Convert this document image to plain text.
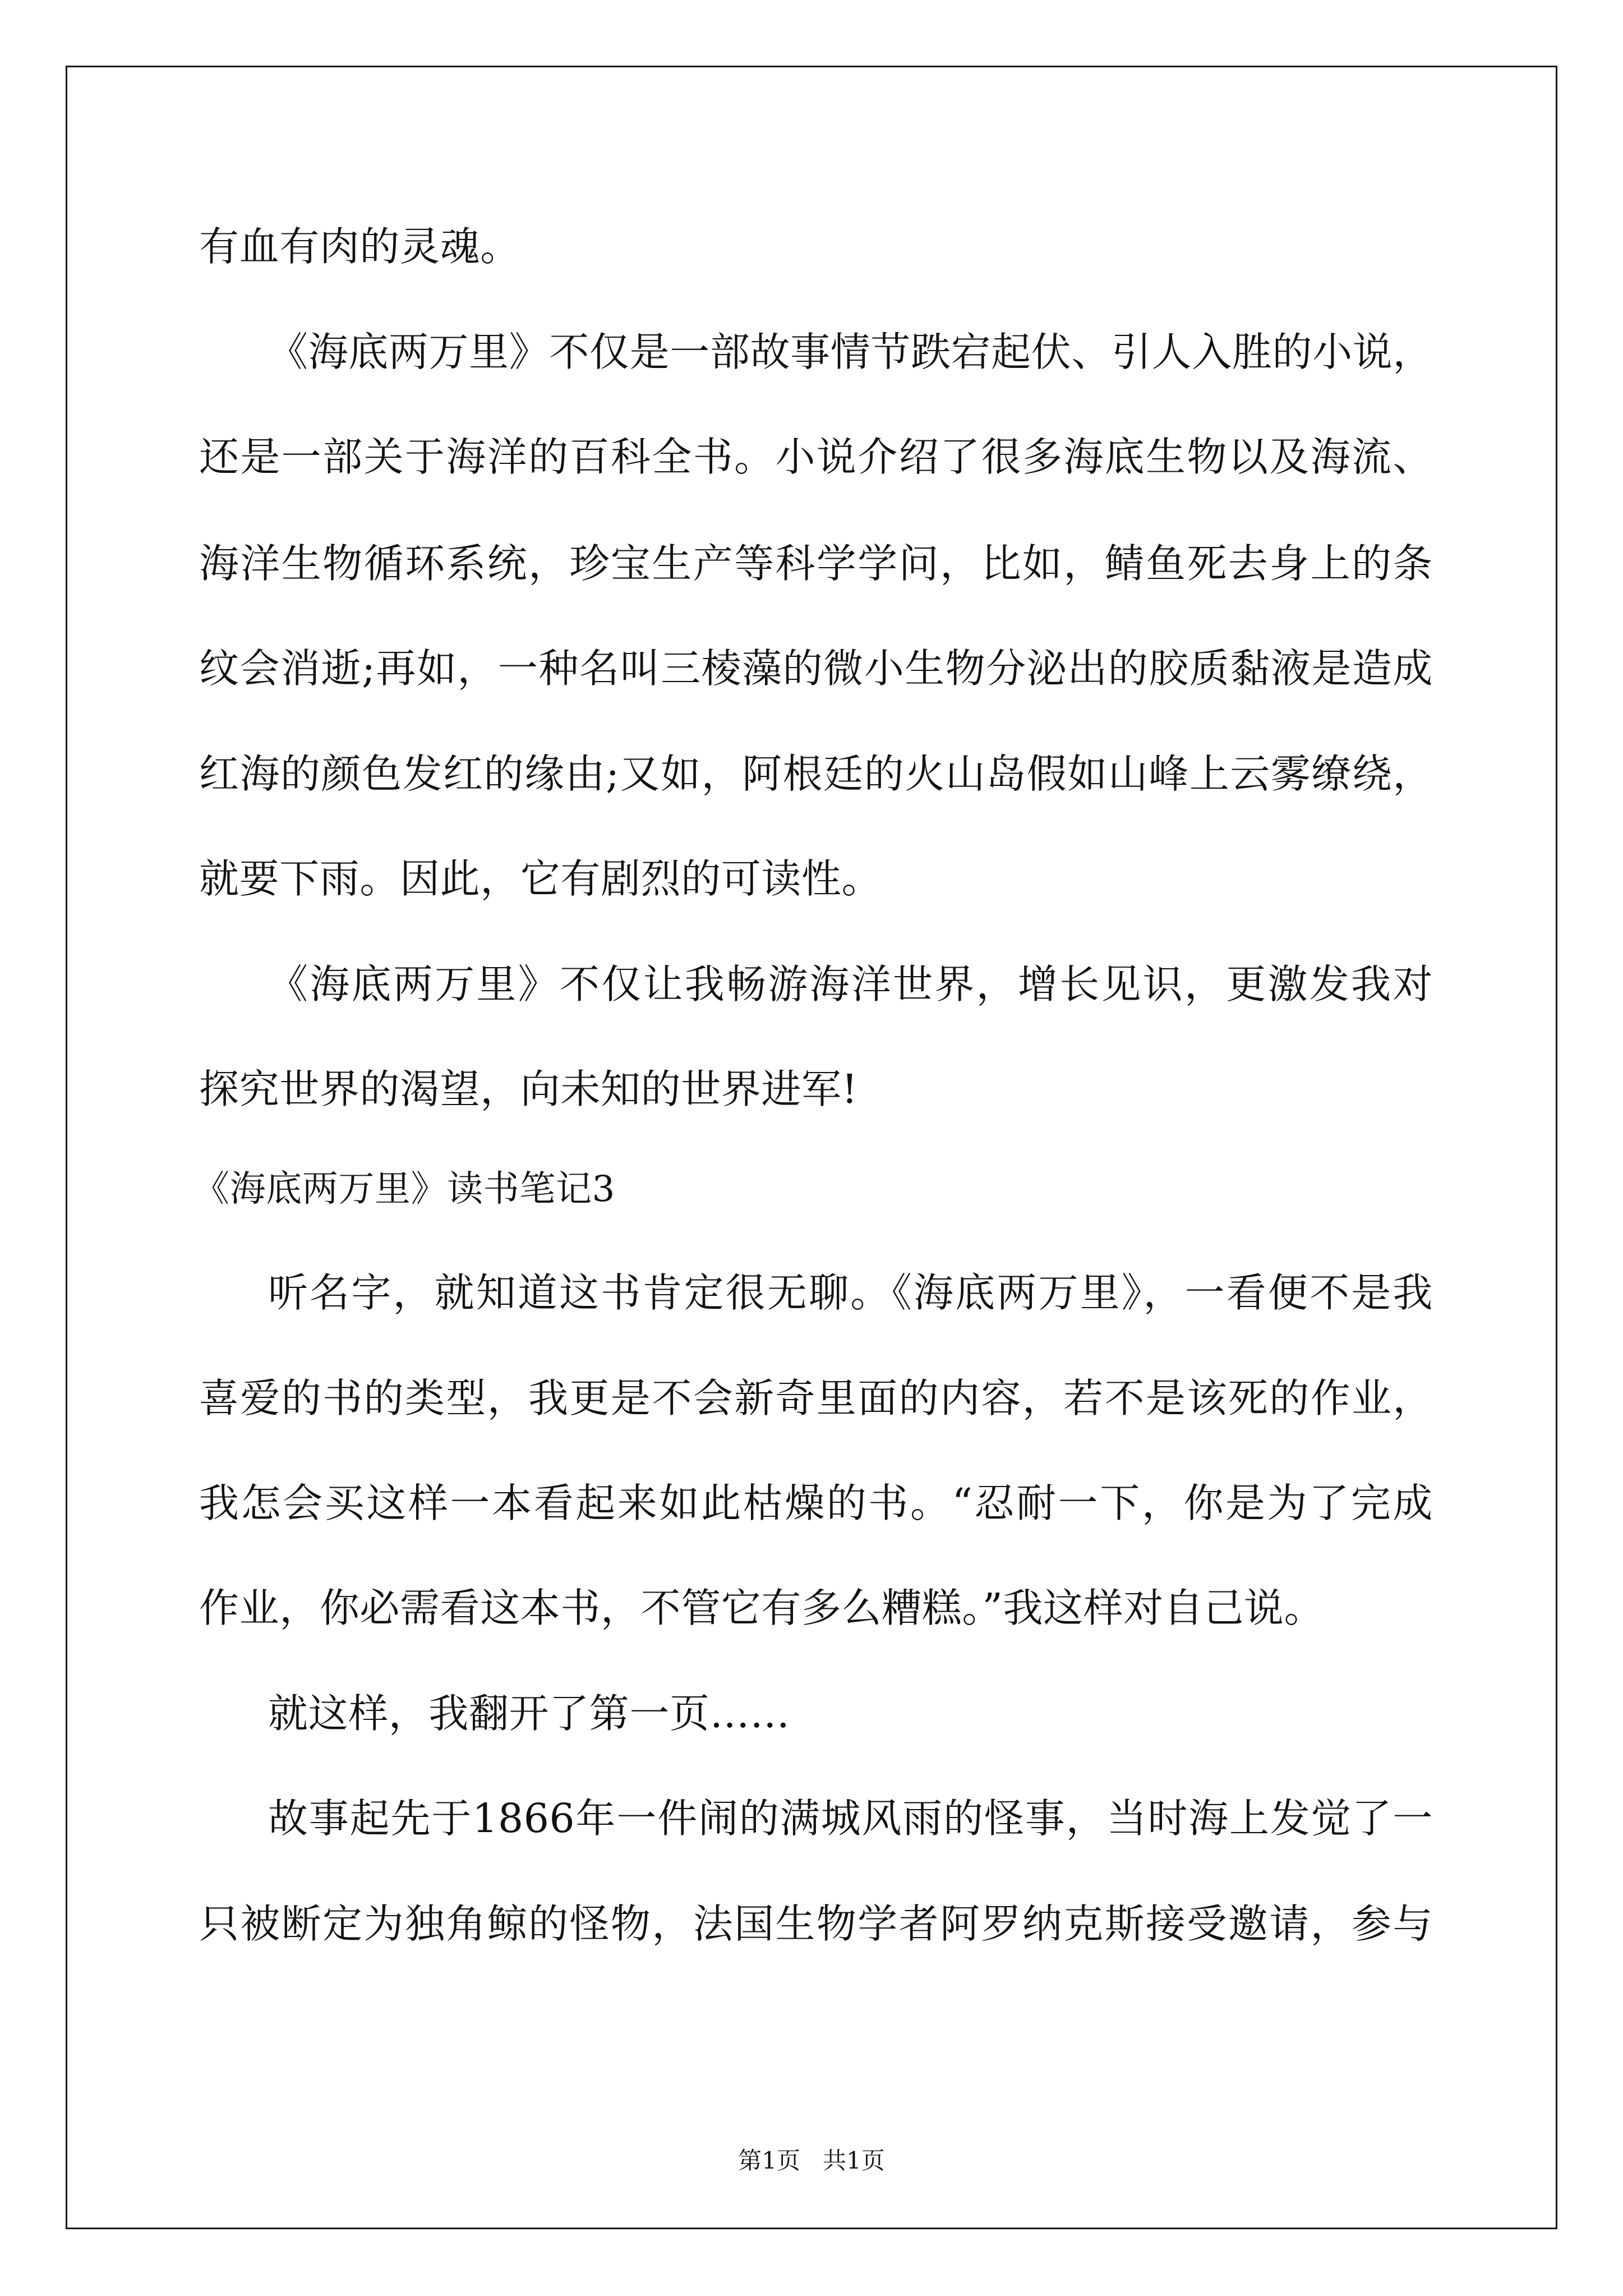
有血有肉的灵魂。
《海底两万里》不仅是一部故事情节跌宕起伏、引人入胜的小说，
还是一部关于海洋的百科全书。小说介绍了很多海底生物以及海流、
海洋生物循环系统，珍宝生产等科学学问，比如，鲭鱼死去身上的条
纹会消逝;再如，一种名叫三棱藻的微小生物分泌出的胶质黏液是造成
红海的颜色发红的缘由;又如，阿根廷的火山岛假如山峰上云雾缭绕，
就要下雨。因此，它有剧烈的可读性。
《海底两万里》不仅让我畅游海洋世界，增长见识，更激发我对
探究世界的渴望，向未知的世界进军!
《海底两万里》读书笔记3
听名字，就知道这书肯定很无聊。《海底两万里》，一看便不是我
喜爱的书的类型，我更是不会新奇里面的内容，若不是该死的作业，
我怎会买这样一本看起来如此枯燥的书。“忍耐一下，你是为了完成
作业，你必需看这本书，不管它有多么糟糕。”我这样对自己说。
就这样，我翻开了第一页……
故事起先于1866年一件闹的满城风雨的怪事，当时海上发觉了一
只被断定为独角鲸的怪物，法国生物学者阿罗纳克斯接受邀请，参与
第1页   共1页
